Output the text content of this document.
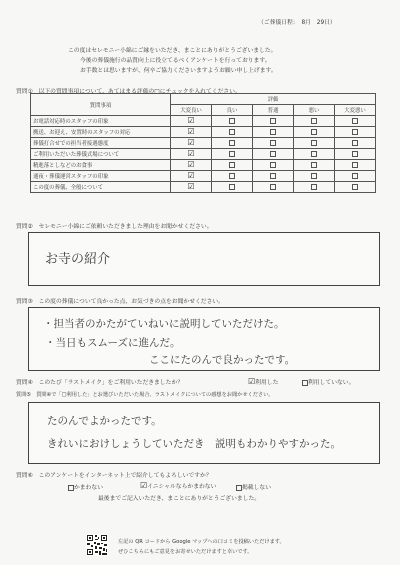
（ご葬儀日程：　8月　29日）
この度はセレモニー小綿にご縁をいただき、まことにありがとうございました。
今後の葬儀施行の品質向上に役立てるべくアンケートを行っております。
お手数とは思いますが、何卒ご協力くださいますようお願い申し上げます。
質問①　以下の質問事項について、あてはまる評価の□にチェックを入れてください。
質問事項	評価				
	大変良い	良い	普通	悪い	大変悪い
お電話対応時のスタッフの印象	☑				
搬送、お迎え、安置時のスタッフの対応	☑				
葬儀打合せでの担当者接遇態度	☑				
ご利用いただいた葬儀式場について	☑				
精進落としなどのお食事	☑				
通夜・葬儀運営スタッフの印象	☑				
この度の葬儀、全般について	☑				
質問②　セレモニー小綿にご依頼いただきました理由をお聞かせください。
お寺の紹介
質問③　この度の葬儀について良かった点、お気づきの点をお聞かせください。
・担当者のかたがていねいに説明していただけた。
・当日もスムーズに進んだ。
ここにたのんで良かったです。
質問④　このたび「ラストメイク」をご利用いただきましたか？	☑利用した	利用していない。
質問⑤　質問④で「□利用した」とお選びいただいた場合、ラストメイクについての感想をお聞かせください。
たのんでよかったです。
きれいにおけしょうしていただき　説明もわかりやすかった。
質問⑥　このアンケートをインターネット上で紹介してもよろしいですか？
かまわない	☑イニシャルならかまわない	掲載しない
最後までご記入いただき、まことにありがとうございました。
左記の QR コードから Google マップへの口コミを投稿いただけます。
ぜひこちらにもご意見をお寄せいただけますと幸いです。
